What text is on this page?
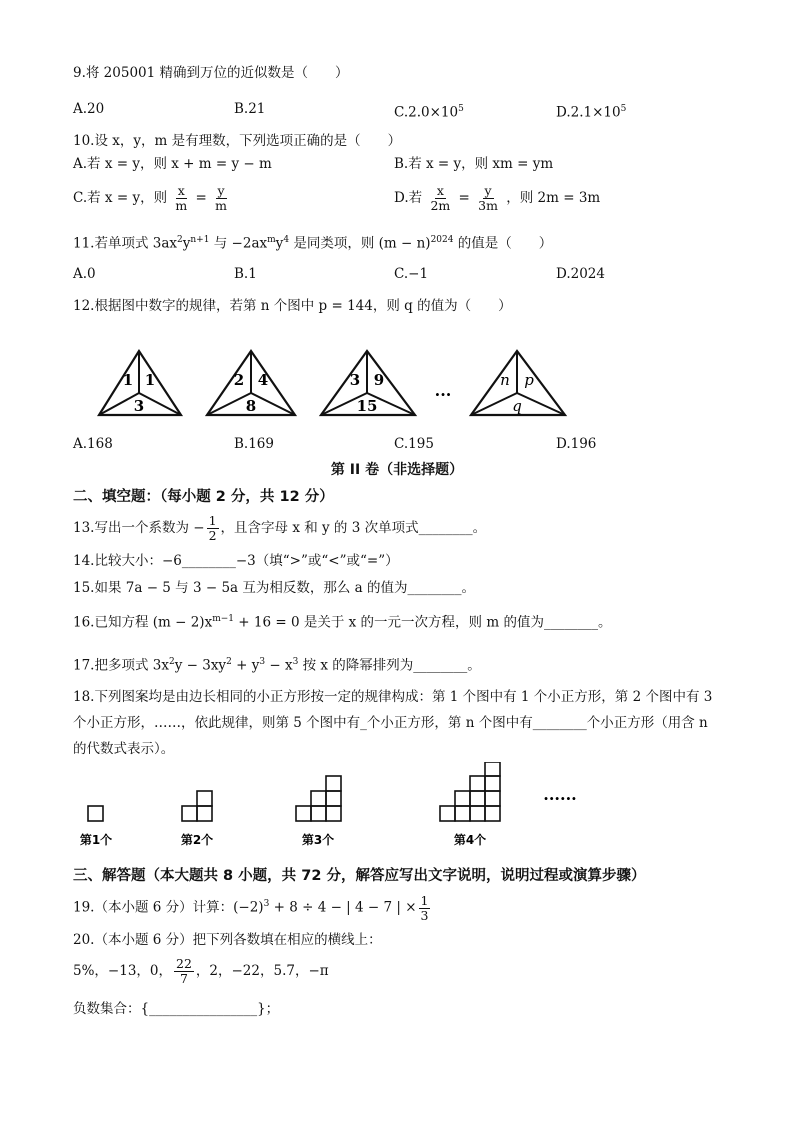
9.将 205001 精确到万位的近似数是（　　）
A.20	B.21	$C.2.0\times 10^5$	$D.2.1\times 10^5$
10.设 x，y，m 是有理数，下列选项正确的是（　　）
A.若 x = y，则 x + m = y − m	B.若 x = y，则 xm = ym
C.若 x = y，则 $\frac{x}{m} = \frac{y}{m}$	D.若 $\frac{x}{2m} = \frac{y}{3m}$ ，则 2m = 3m
11.若单项式 $3ax^2y^{n+1}$ 与 $-2ax^my^4$ 是同类项，则 $(m - n)^{2024}$ 的值是（　　）
A.0	B.1	C.−1	D.2024
12.根据图中数字的规律，若第 n 个图中 p = 144，则 q 的值为（　　）
1 1
3
2 4
8
3 9
15
···
n p
q
A.168	B.169	C.195	D.196
第 II 卷（非选择题）
二、填空题：（每小题 2 分，共 12 分）
13.写出一个系数为 − $\frac{1}{2}$ ，且含字母 x 和 y 的 3 次单项式________。
14.比较大小：−6________−3（填“>”或“<”或“=”）
15.如果 7a − 5 与 3 − 5a 互为相反数，那么 a 的值为________。
16.已知方程 $(m - 2)x^{m-1} + 16 = 0$ 是关于 x 的一元一次方程，则 m 的值为________。
17.把多项式 $3x^2y - 3xy^2 + y^3 - x^3$ 按 x 的降幂排列为________。
18.下列图案均是由边长相同的小正方形按一定的规律构成：第 1 个图中有 1 个小正方形，第 2 个图中有 3
个小正方形，……，依此规律，则第 5 个图中有_个小正方形，第 n 个图中有________个小正方形（用含 n
的代数式表示）。
······
第1个	第2个	第3个	第4个
三、解答题（本大题共 8 小题，共 72 分，解答应写出文字说明，说明过程或演算步骤）
19.（本小题 6 分）计算：$(-2)^3 + 8 \div 4$ − | 4 − 7 | × $\frac{1}{3}$
20.（本小题 6 分）把下列各数填在相应的横线上：
5%，−13，0， $\frac{22}{7}$ ，2，−22，5.7，−π
负数集合：{________________}；
